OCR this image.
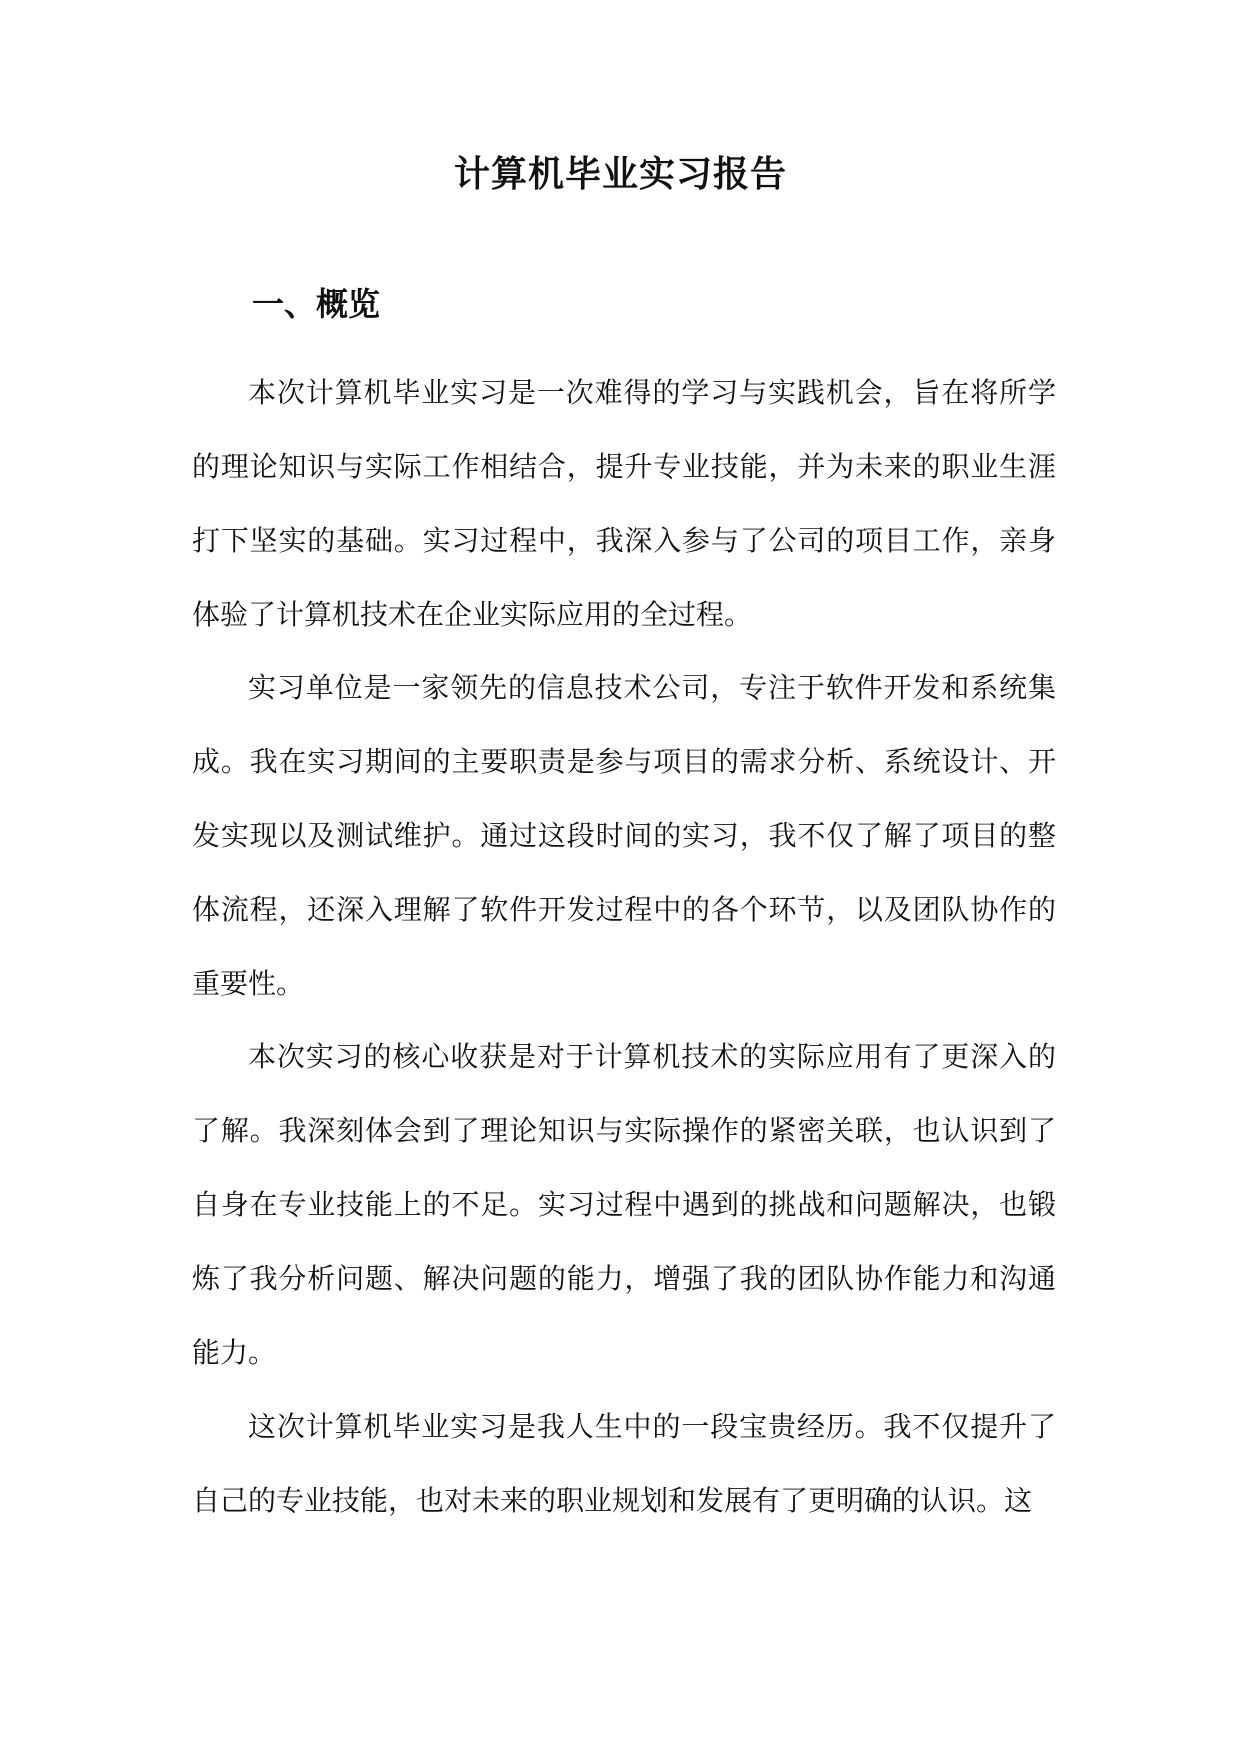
计算机毕业实习报告
一、概览

本次计算机毕业实习是一次难得的学习与实践机会，旨在将所学的理论知识与实际工作相结合，提升专业技能，并为未来的职业生涯打下坚实的基础。实习过程中，我深入参与了公司的项目工作，亲身体验了计算机技术在企业实际应用的全过程。

实习单位是一家领先的信息技术公司，专注于软件开发和系统集成。我在实习期间的主要职责是参与项目的需求分析、系统设计、开发实现以及测试维护。通过这段时间的实习，我不仅了解了项目的整体流程，还深入理解了软件开发过程中的各个环节，以及团队协作的重要性。

本次实习的核心收获是对于计算机技术的实际应用有了更深入的了解。我深刻体会到了理论知识与实际操作的紧密关联，也认识到了自身在专业技能上的不足。实习过程中遇到的挑战和问题解决，也锻炼了我分析问题、解决问题的能力，增强了我的团队协作能力和沟通能力。

这次计算机毕业实习是我人生中的一段宝贵经历。我不仅提升了自己的专业技能，也对未来的职业规划和发展有了更明确的认识。这
